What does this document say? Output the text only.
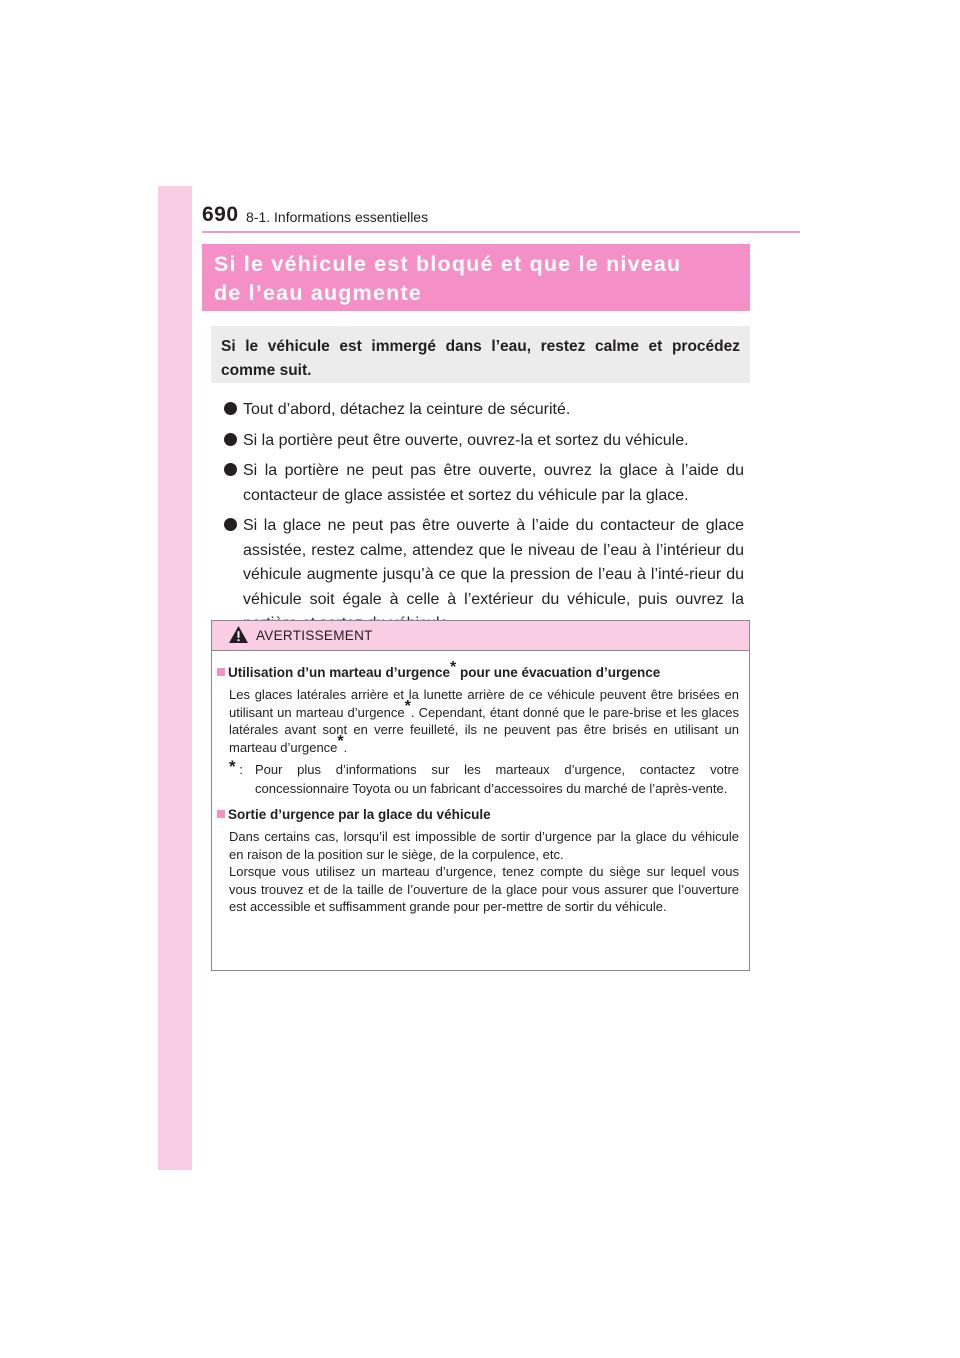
690 8-1. Informations essentielles
Si le véhicule est bloqué et que le niveau
de l’eau augmente
Si le véhicule est immergé dans l’eau, restez calme et procédez comme suit.
Tout d’abord, détachez la ceinture de sécurité.
Si la portière peut être ouverte, ouvrez-la et sortez du véhicule.
Si la portière ne peut pas être ouverte, ouvrez la glace à l’aide du contacteur de glace assistée et sortez du véhicule par la glace.
Si la glace ne peut pas être ouverte à l’aide du contacteur de glace assistée, restez calme, attendez que le niveau de l’eau à l’intérieur du véhicule augmente jusqu’à ce que la pression de l’eau à l’inté-rieur du véhicule soit égale à celle à l’extérieur du véhicule, puis ouvrez la
AVERTISSEMENT
Utilisation d’un marteau d’urgence* pour une évacuation d’urgence

Les glaces latérales arrière et la lunette arrière de ce véhicule peuvent être brisées en utilisant un marteau d’urgence*. Cependant, étant donné que le pare-brise et les glaces latérales avant sont en verre feuilleté, ils ne peuvent pas être brisés en utilisant un marteau d’urgence*.

* : Pour plus d’informations sur les marteaux d’urgence, contactez votre concessionnaire Toyota ou un fabricant d’accessoires du marché de l’après-vente.
Sortie d’urgence par la glace du véhicule

Dans certains cas, lorsqu’il est impossible de sortir d’urgence par la glace du véhicule en raison de la position sur le siège, de la corpulence, etc.

Lorsque vous utilisez un marteau d’urgence, tenez compte du siège sur lequel vous vous trouvez et de la taille de l’ouverture de la glace pour vous assurer que l’ouverture est accessible et suffisamment grande pour per-mettre de sortir du véhicule.
